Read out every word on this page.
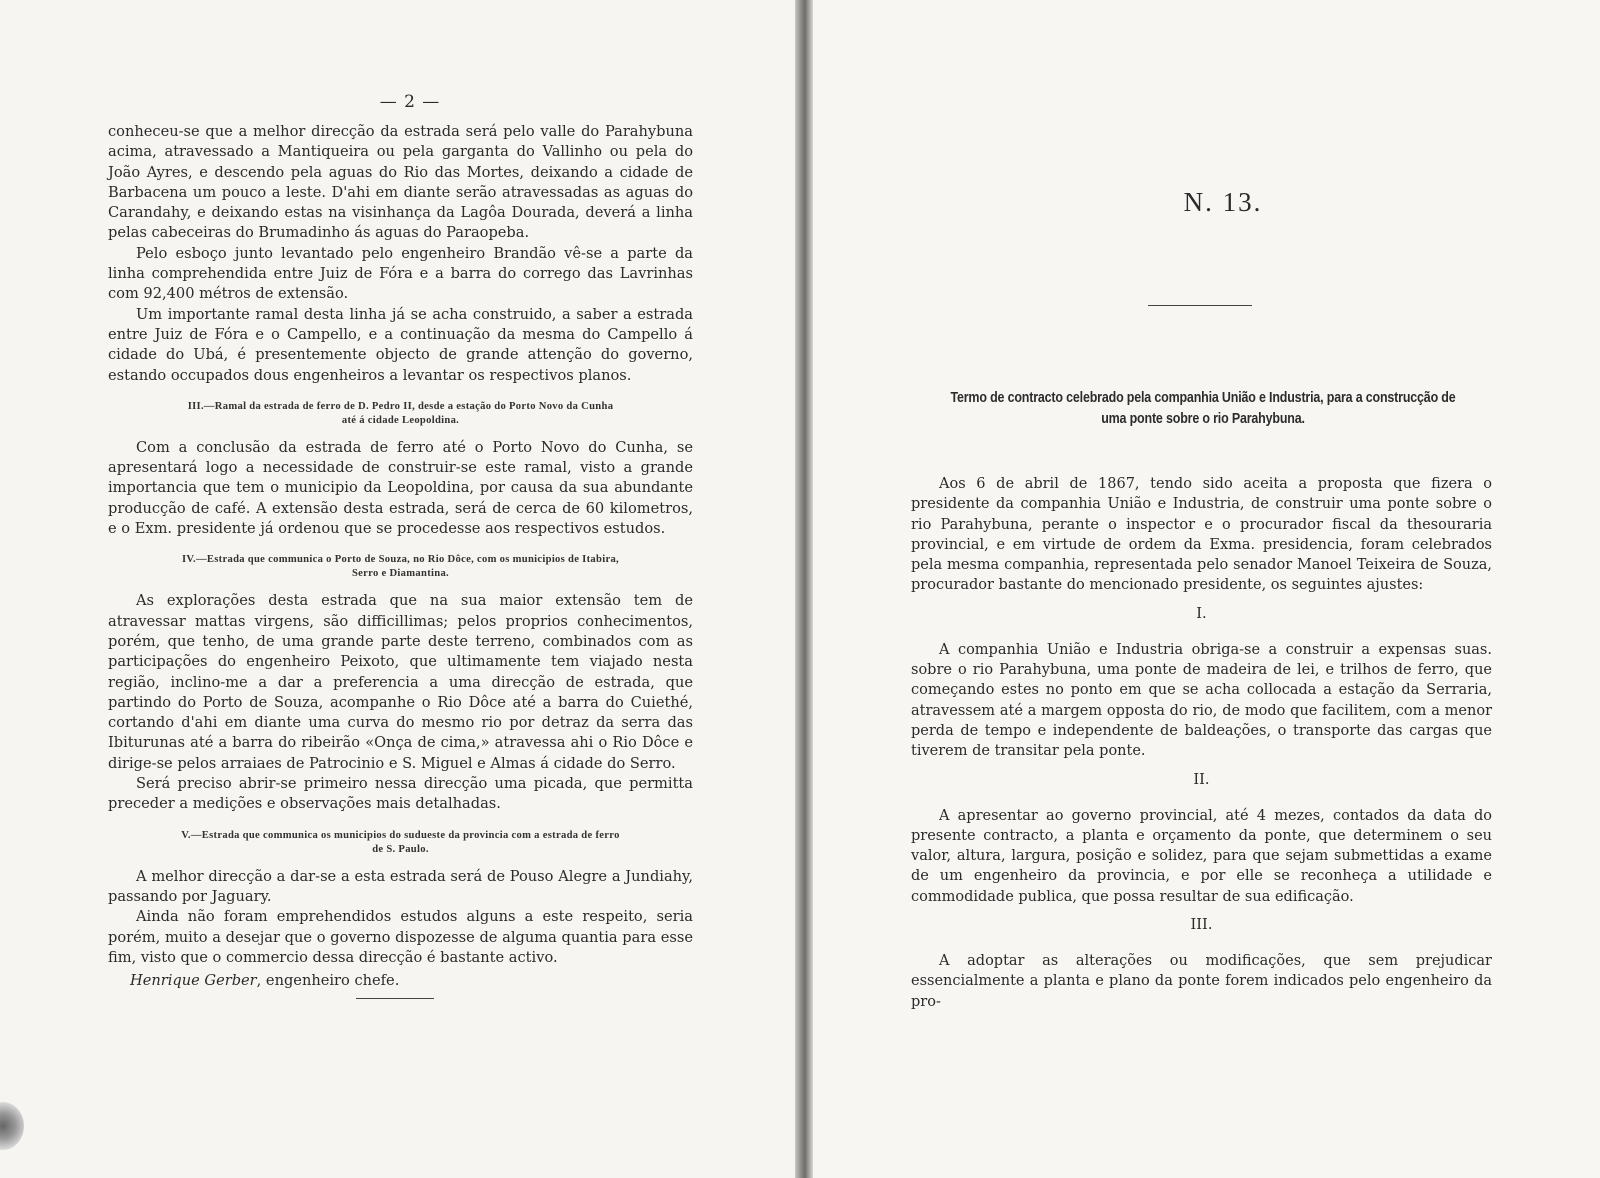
— 2 —

conheceu-se que a melhor direcção da estrada será pelo valle do Parahybuna acima, atravessado a Mantiqueira ou pela garganta do Vallinho ou pela do João Ayres, e descendo pela aguas do Rio das Mortes, deixando a cidade de Barbacena um pouco a leste. D'ahi em diante serão atravessadas as aguas do Carandahy, e deixando estas na visinhança da Lagôa Dourada, deverá a linha pelas cabeceiras do Brumadinho ás aguas do Paraopeba.

Pelo esboço junto levantado pelo engenheiro Brandão vê-se a parte da linha comprehendida entre Juiz de Fóra e a barra do corrego das Lavrinhas com 92,400 métros de extensão.

Um importante ramal desta linha já se acha construido, a saber a estrada entre Juiz de Fóra e o Campello, e a continuação da mesma do Campello á cidade do Ubá, é presentemente objecto de grande attenção do governo, estando occupados dous engenheiros a levantar os respectivos planos.

III.—Ramal da estrada de ferro de D. Pedro II, desde a estação do Porto Novo da Cunha
até á cidade Leopoldina.

Com a conclusão da estrada de ferro até o Porto Novo do Cunha, se apresentará logo a necessidade de construir-se este ramal, visto a grande importancia que tem o municipio da Leopoldina, por causa da sua abundante producção de café. A extensão desta estrada, será de cerca de 60 kilometros, e o Exm. presidente já ordenou que se procedesse aos respectivos estudos.

IV.—Estrada que communica o Porto de Souza, no Rio Dôce, com os municipios de Itabira,
Serro e Diamantina.

As explorações desta estrada que na sua maior extensão tem de atravessar mattas virgens, são difficillimas; pelos proprios conhecimentos, porém, que tenho, de uma grande parte deste terreno, combinados com as participações do engenheiro Peixoto, que ultimamente tem viajado nesta região, inclino-me a dar a preferencia a uma direcção de estrada, que partindo do Porto de Souza, acompanhe o Rio Dôce até a barra do Cuiethé, cortando d'ahi em diante uma curva do mesmo rio por detraz da serra das Ibiturunas até a barra do ribeirão «Onça de cima,» atravessa ahi o Rio Dôce e dirige-se pelos arraiaes de Patrocinio e S. Miguel e Almas á cidade do Serro.

Será preciso abrir-se primeiro nessa direcção uma picada, que permitta preceder a medições e observações mais detalhadas.

V.—Estrada que communica os municipios do sudueste da provincia com a estrada de ferro
de S. Paulo.

A melhor direcção a dar-se a esta estrada será de Pouso Alegre a Jundiahy, passando por Jaguary.

Ainda não foram emprehendidos estudos alguns a este respeito, seria porém, muito a desejar que o governo dispozesse de alguma quantia para esse fim, visto que o commercio dessa direcção é bastante activo.

Henrique Gerber, engenheiro chefe.
N. 13.
Termo de contracto celebrado pela companhia União e Industria, para a construcção de uma ponte sobre o rio Parahybuna.

Aos 6 de abril de 1867, tendo sido aceita a proposta que fizera o presidente da companhia União e Industria, de construir uma ponte sobre o rio Parahybuna, perante o inspector e o procurador fiscal da thesouraria provincial, e em virtude de ordem da Exma. presidencia, foram celebrados pela mesma companhia, representada pelo senador Manoel Teixeira de Souza, procurador bastante do mencionado presidente, os seguintes ajustes:

I.

A companhia União e Industria obriga-se a construir a expensas suas. sobre o rio Parahybuna, uma ponte de madeira de lei, e trilhos de ferro, que começando estes no ponto em que se acha collocada a estação da Serraria, atravessem até a margem opposta do rio, de modo que facilitem, com a menor perda de tempo e independente de baldeações, o transporte das cargas que tiverem de transitar pela ponte.

II.

A apresentar ao governo provincial, até 4 mezes, contados da data do presente contracto, a planta e orçamento da ponte, que determinem o seu valor, altura, largura, posição e solidez, para que sejam submettidas a exame de um engenheiro da provincia, e por elle se reconheça a utilidade e commodidade publica, que possa resultar de sua edificação.

III.

A adoptar as alterações ou modificações, que sem prejudicar essencialmente a planta e plano da ponte forem indicados pelo engenheiro da pro-
